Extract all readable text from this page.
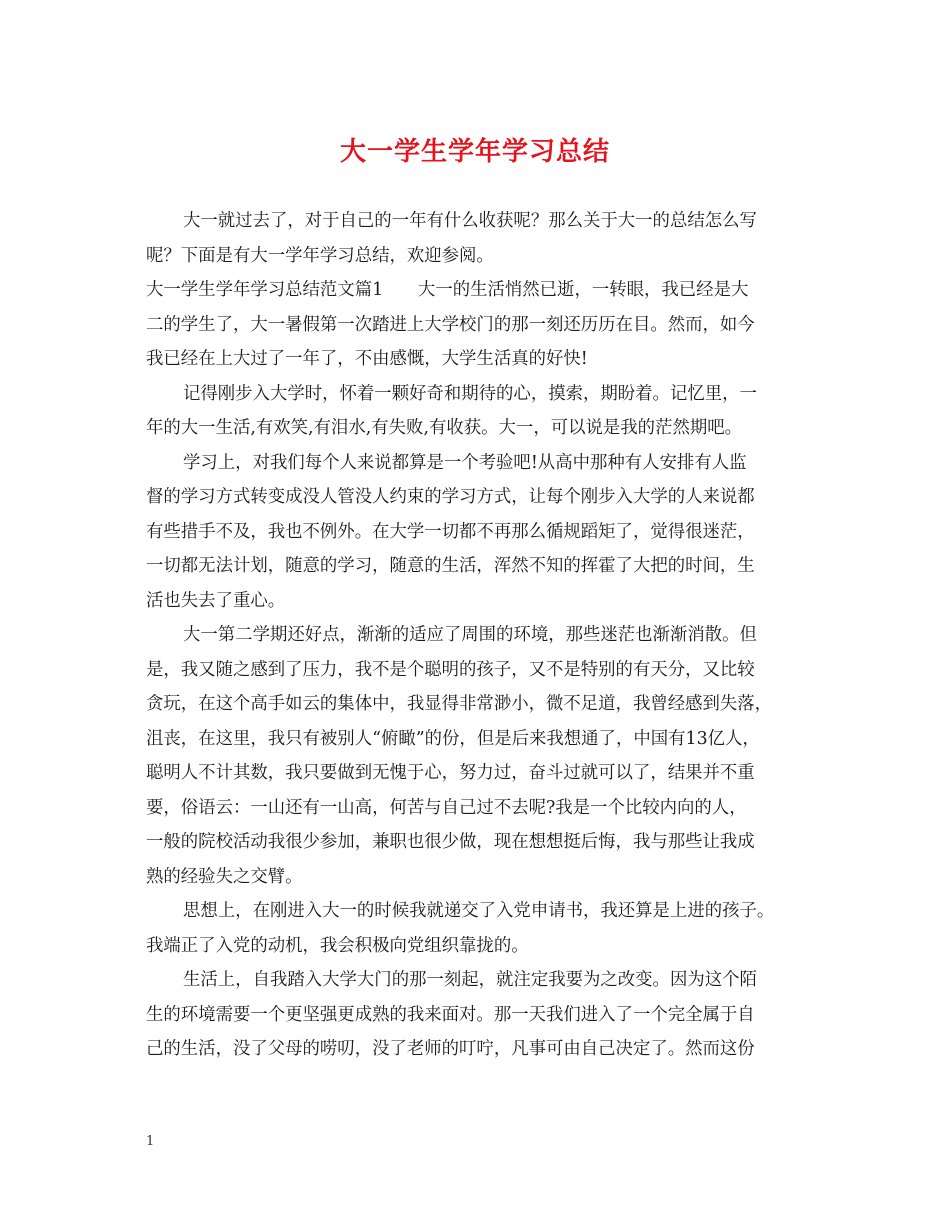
大一学生学年学习总结
大一就过去了，对于自己的一年有什么收获呢？那么关于大一的总结怎么写
呢？下面是有大一学年学习总结，欢迎参阅。
大一学生学年学习总结范文篇1　　大一的生活悄然已逝，一转眼，我已经是大
二的学生了，大一暑假第一次踏进上大学校门的那一刻还历历在目。然而，如今
我已经在上大过了一年了，不由感慨，大学生活真的好快!
记得刚步入大学时，怀着一颗好奇和期待的心，摸索，期盼着。记忆里，一
年的大一生活,有欢笑,有泪水,有失败,有收获。大一，可以说是我的茫然期吧。
学习上，对我们每个人来说都算是一个考验吧!从高中那种有人安排有人监
督的学习方式转变成没人管没人约束的学习方式，让每个刚步入大学的人来说都
有些措手不及，我也不例外。在大学一切都不再那么循规蹈矩了，觉得很迷茫，
一切都无法计划，随意的学习，随意的生活，浑然不知的挥霍了大把的时间，生
活也失去了重心。
大一第二学期还好点，渐渐的适应了周围的环境，那些迷茫也渐渐消散。但
是，我又随之感到了压力，我不是个聪明的孩子，又不是特别的有天分，又比较
贪玩，在这个高手如云的集体中，我显得非常渺小，微不足道，我曾经感到失落，
沮丧，在这里，我只有被别人“俯瞰”的份，但是后来我想通了，中国有13亿人，
聪明人不计其数，我只要做到无愧于心，努力过，奋斗过就可以了，结果并不重
要，俗语云：一山还有一山高，何苦与自己过不去呢?我是一个比较内向的人，
一般的院校活动我很少参加，兼职也很少做，现在想想挺后悔，我与那些让我成
熟的经验失之交臂。
思想上，在刚进入大一的时候我就递交了入党申请书，我还算是上进的孩子。
我端正了入党的动机，我会积极向党组织靠拢的。
生活上，自我踏入大学大门的那一刻起，就注定我要为之改变。因为这个陌
生的环境需要一个更坚强更成熟的我来面对。那一天我们进入了一个完全属于自
己的生活，没了父母的唠叨，没了老师的叮咛，凡事可由自己决定了。然而这份
1
